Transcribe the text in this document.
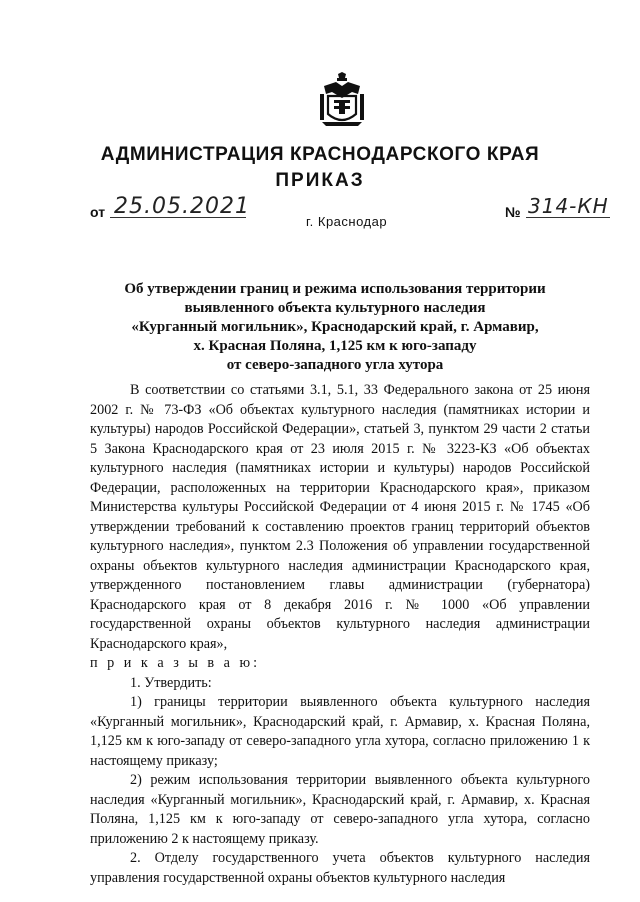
АДМИНИСТРАЦИЯ КРАСНОДАРСКОГО КРАЯ
ПРИКАЗ
от 25.05.2021	№ 314-КН
г. Краснодар
Об утверждении границ и режима использования территории
выявленного объекта культурного наследия
«Курганный могильник», Краснодарский край, г. Армавир,
х. Красная Поляна, 1,125 км к юго-западу
от северо-западного угла хутора

В соответствии со статьями 3.1, 5.1, 33 Федерального закона от 25 июня 2002 г. № 73-ФЗ «Об объектах культурного наследия (памятниках истории и культуры) народов Российской Федерации», статьей 3, пунктом 29 части 2 статьи 5 Закона Краснодарского края от 23 июля 2015 г. № 3223-КЗ «Об объектах культурного наследия (памятниках истории и культуры) народов Российской Федерации, расположенных на территории Краснодарского края», приказом Министерства культуры Российской Федерации от 4 июня 2015 г. № 1745 «Об утверждении требований к составлению проектов границ территорий объектов культурного наследия», пунктом 2.3 Положения об управлении государственной охраны объектов культурного наследия администрации Краснодарского края, утвержденного постановлением главы администрации (губернатора) Краснодарского края от 8 декабря 2016 г. № 1000 «Об управлении государственной охраны объектов культурного наследия администрации Краснодарского края»,

п р и к а з ы в а ю:

1. Утвердить:

1) границы территории выявленного объекта культурного наследия «Курганный могильник», Краснодарский край, г. Армавир, х. Красная Поляна, 1,125 км к юго-западу от северо-западного угла хутора, согласно приложению 1 к настоящему приказу;

2) режим использования территории выявленного объекта культурного наследия «Курганный могильник», Краснодарский край, г. Армавир, х. Красная Поляна, 1,125 км к юго-западу от северо-западного угла хутора, согласно приложению 2 к настоящему приказу.

2. Отделу государственного учета объектов культурного наследия управления государственной охраны объектов культурного наследия
